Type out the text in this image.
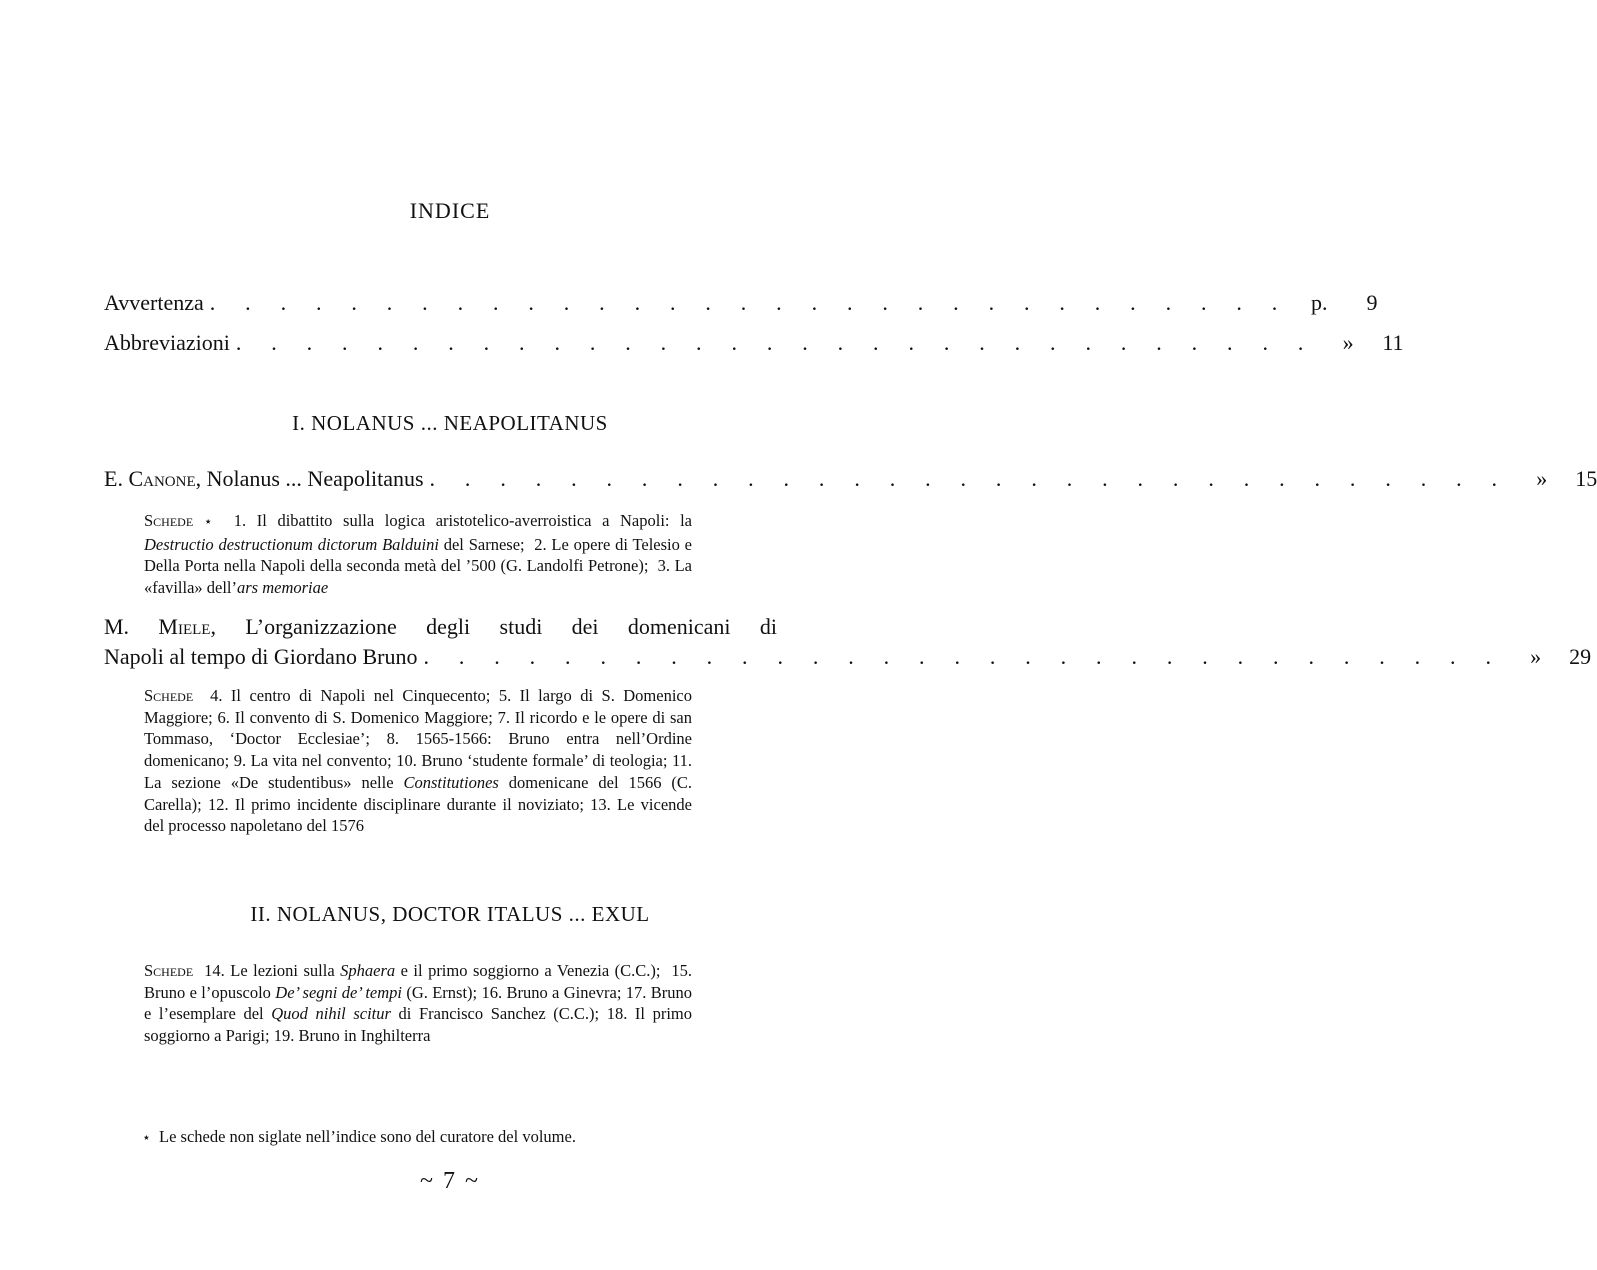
INDICE
Avvertenza . . . . . . . . . . . . . . . . . . . . . . . . . . . . . . . p.	9
Abbreviazioni . . . . . . . . . . . . . . . . . . . . . . . . . . . . . . .	»	11
I. NOLANUS ... NEAPOLITANUS
E. Canone, Nolanus ... Neapolitanus . . . . . . . . . . . . . . . . . . . . . . . . . . . . . . .	»	15
Schede ⋆ 1. Il dibattito sulla logica aristotelico-averroistica a Napoli: la Destructio destructionum dictorum Balduini del Sarnese; 2. Le opere di Telesio e Della Porta nella Napoli della seconda metà del ’500 (G. Landolfi Petrone); 3. La «favilla» dell’ars memoriae
M. Miele, L’organizzazione degli studi dei domenicani di
Napoli al tempo di Giordano Bruno . . . . . . . . . . . . . . . . . . . . . . . . . . . . . . .	»	29
Schede 4. Il centro di Napoli nel Cinquecento; 5. Il largo di S. Domenico Maggiore; 6. Il convento di S. Domenico Maggiore; 7. Il ricordo e le opere di san Tommaso, ‘Doctor Ecclesiae’; 8. 1565-1566: Bruno entra nell’Ordine domenicano; 9. La vita nel convento; 10. Bruno ‘studente formale’ di teologia; 11. La sezione «De studentibus» nelle Constitutiones domenicane del 1566 (C. Carella); 12. Il primo incidente disciplinare durante il noviziato; 13. Le vicende del processo napoletano del 1576
II. NOLANUS, DOCTOR ITALUS ... EXUL
Schede 14. Le lezioni sulla Sphaera e il primo soggiorno a Venezia (C.C.); 15. Bruno e l’opuscolo De’ segni de’ tempi (G. Ernst); 16. Bruno a Ginevra; 17. Bruno e l’esemplare del Quod nihil scitur di Francisco Sanchez (C.C.); 18. Il primo soggiorno a Parigi; 19. Bruno in Inghilterra
⋆ Le schede non siglate nell’indice sono del curatore del volume.
~ 7 ~
